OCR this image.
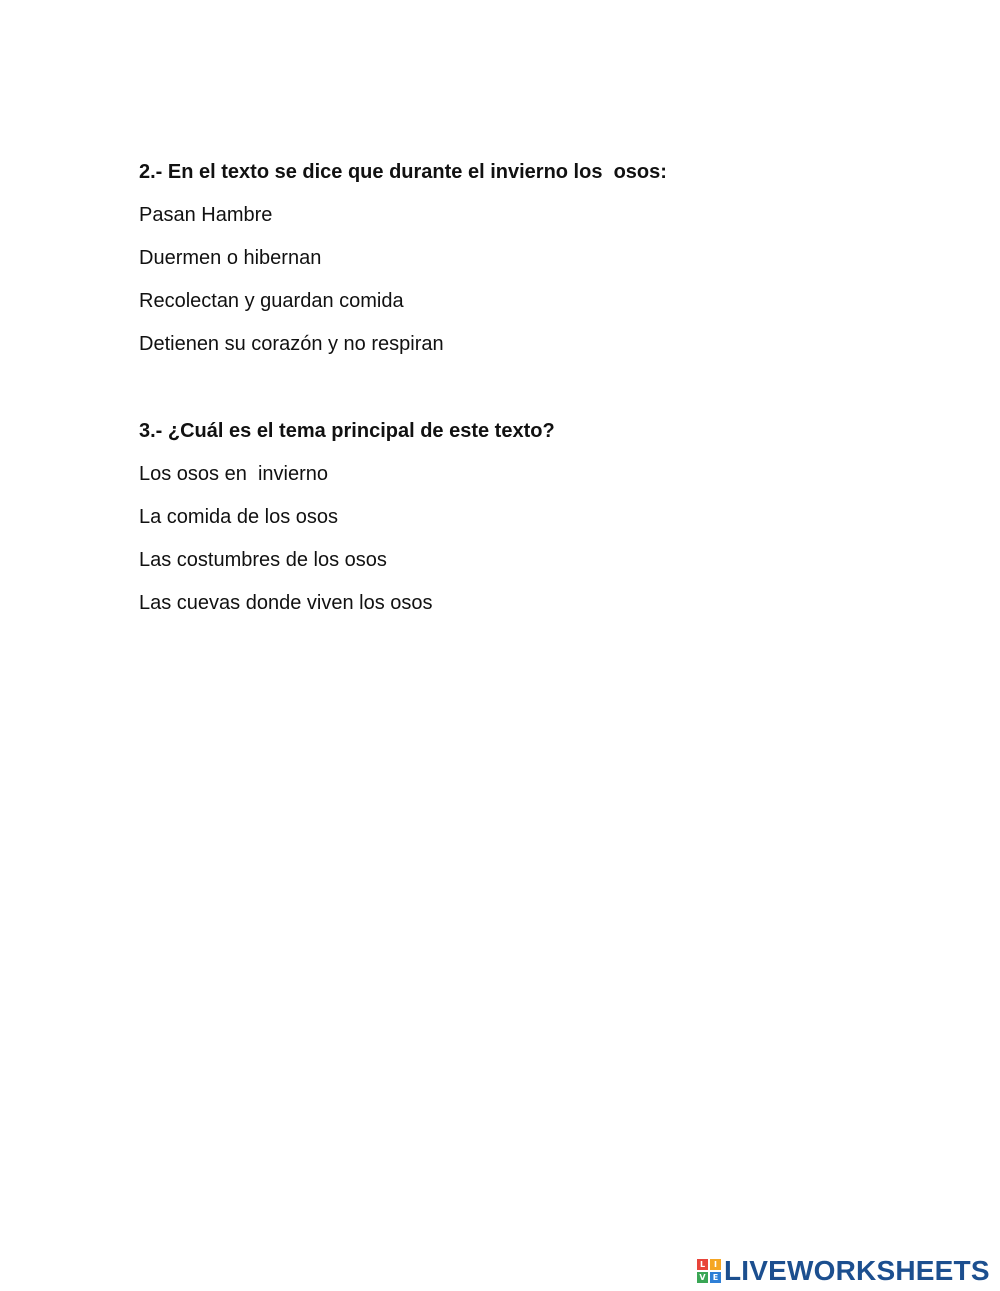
2.- En el texto se dice que durante el invierno los  osos:
Pasan Hambre
Duermen o hibernan
Recolectan y guardan comida
Detienen su corazón y no respiran
3.- ¿Cuál es el tema principal de este texto?
Los osos en  invierno
La comida de los osos
Las costumbres de los osos
Las cuevas donde viven los osos
L	I
V E LIVEWORKSHEETS
